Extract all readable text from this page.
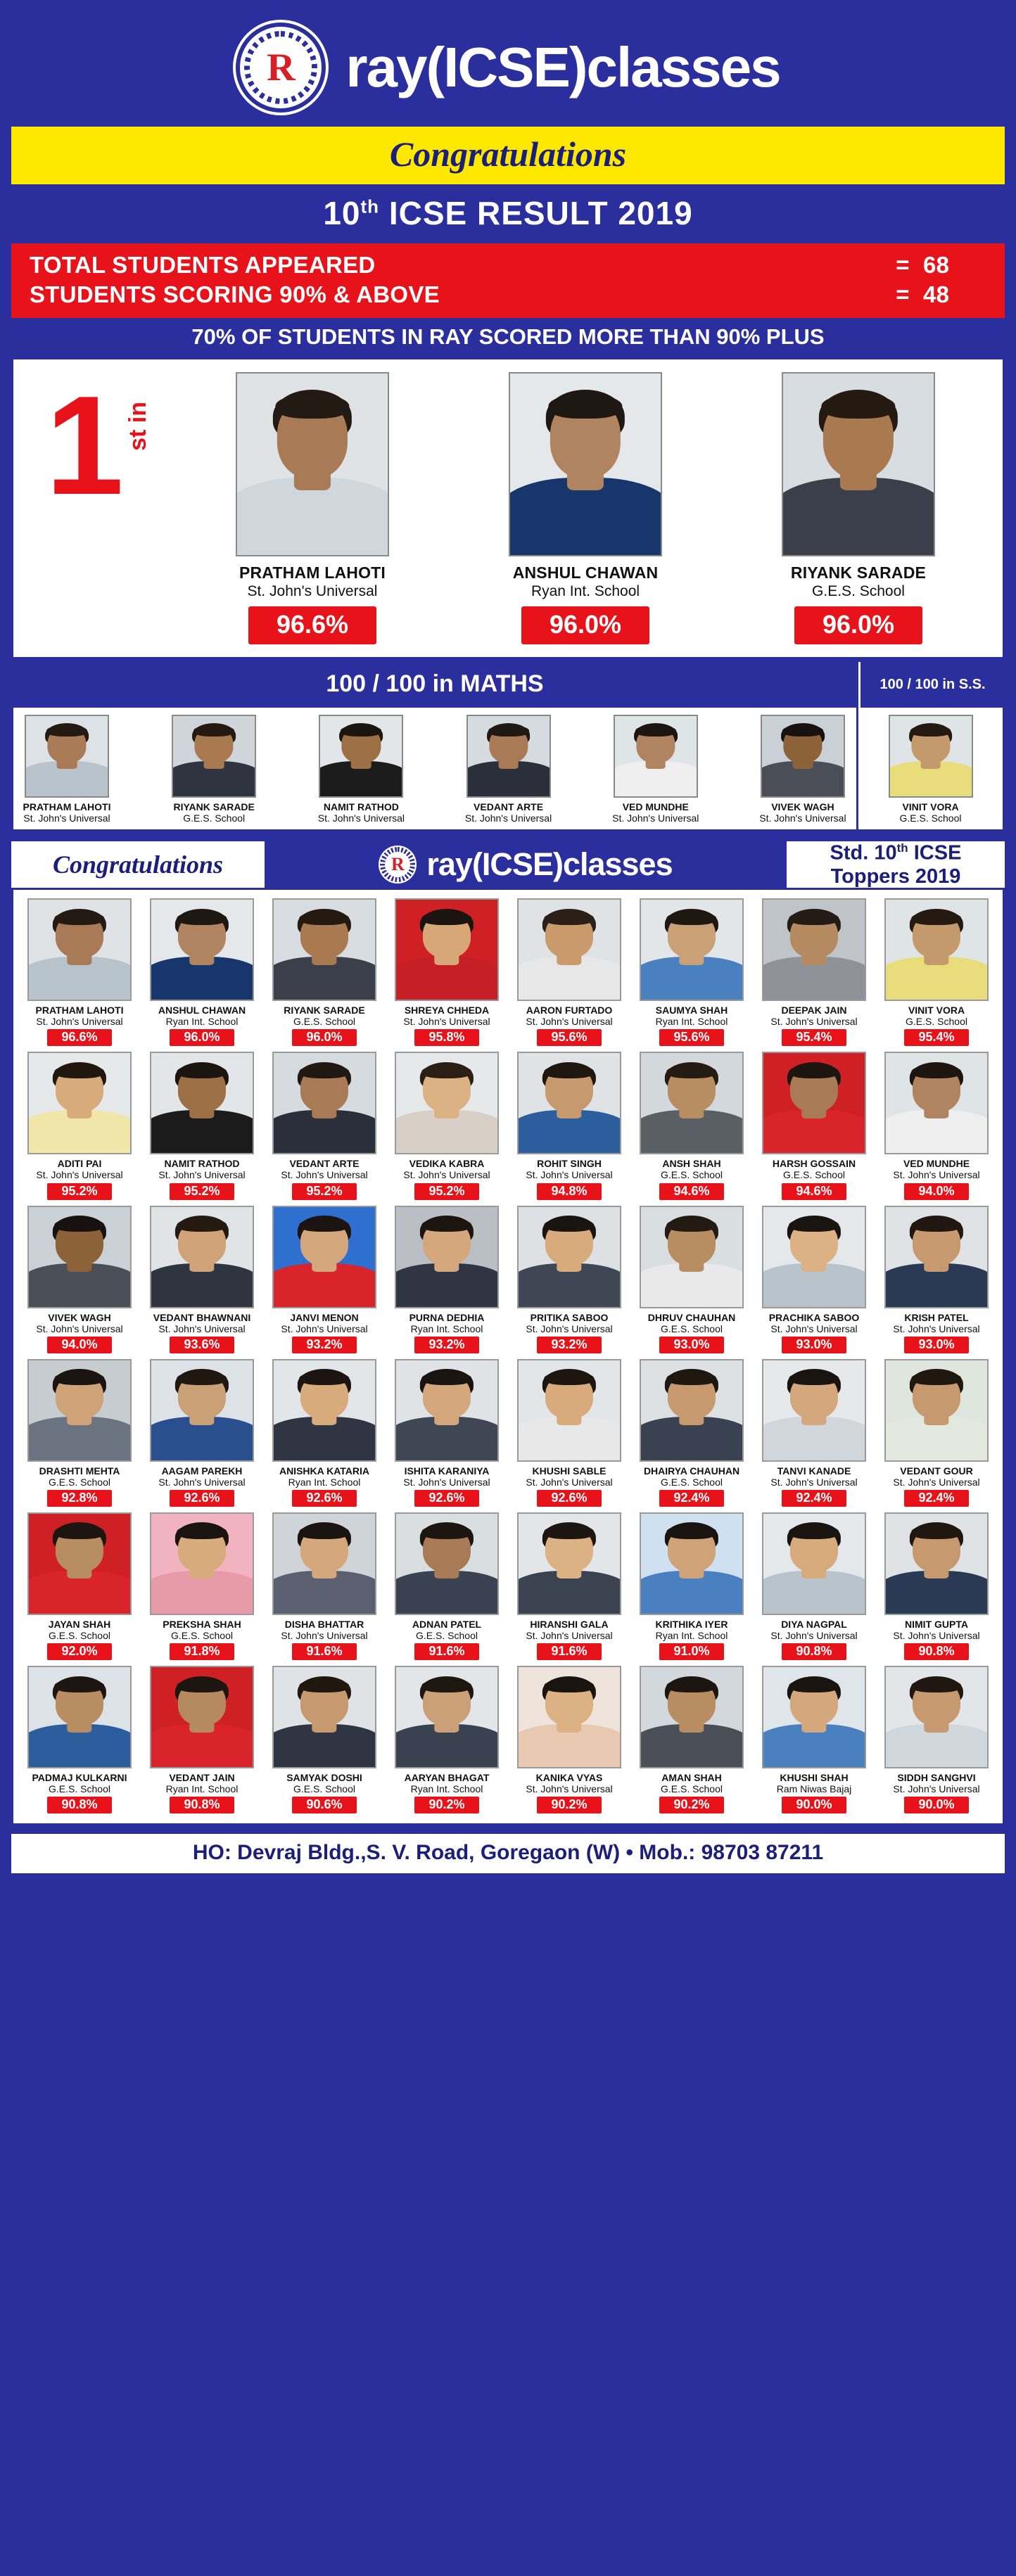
R ray(ICSE)classes
Congratulations
10th ICSE RESULT 2019
TOTAL STUDENTS APPEARED	= 68
STUDENTS SCORING 90% & ABOVE	= 48
70% OF STUDENTS IN RAY SCORED MORE THAN 90% PLUS
1 st in
PRATHAM LAHOTI
St. John's Universal
96.6%
ANSHUL CHAWAN
Ryan Int. School
96.0%
RIYANK SARADE
G.E.S. School
96.0%
100 / 100 in MATHS	100 / 100 in S.S.
PRATHAM LAHOTI
St. John's Universal
RIYANK SARADE
G.E.S. School
NAMIT RATHOD
St. John's Universal
VEDANT ARTE
St. John's Universal
VED MUNDHE
St. John's Universal
VIVEK WAGH
St. John's Universal
VINIT VORA
G.E.S. School
Congratulations	R ray(ICSE)classes	Std. 10th ICSE
Toppers 2019
PRATHAM LAHOTI
St. John's Universal
96.6%
ANSHUL CHAWAN
Ryan Int. School
96.0%
RIYANK SARADE
G.E.S. School
96.0%
SHREYA CHHEDA
St. John's Universal
95.8%
AARON FURTADO
St. John's Universal
95.6%
SAUMYA SHAH
Ryan Int. School
95.6%
DEEPAK JAIN
St. John's Universal
95.4%
VINIT VORA
G.E.S. School
95.4%
ADITI PAI
St. John's Universal
95.2%
NAMIT RATHOD
St. John's Universal
95.2%
VEDANT ARTE
St. John's Universal
95.2%
VEDIKA KABRA
St. John's Universal
95.2%
ROHIT SINGH
St. John's Universal
94.8%
ANSH SHAH
G.E.S. School
94.6%
HARSH GOSSAIN
G.E.S. School
94.6%
VED MUNDHE
St. John's Universal
94.0%
VIVEK WAGH
St. John's Universal
94.0%
VEDANT BHAWNANI
St. John's Universal
93.6%
JANVI MENON
St. John's Universal
93.2%
PURNA DEDHIA
Ryan Int. School
93.2%
PRITIKA SABOO
St. John's Universal
93.2%
DHRUV CHAUHAN
G.E.S. School
93.0%
PRACHIKA SABOO
St. John's Universal
93.0%
KRISH PATEL
St. John's Universal
93.0%
DRASHTI MEHTA
G.E.S. School
92.8%
AAGAM PAREKH
St. John's Universal
92.6%
ANISHKA KATARIA
Ryan Int. School
92.6%
ISHITA KARANIYA
St. John's Universal
92.6%
KHUSHI SABLE
St. John's Universal
92.6%
DHAIRYA CHAUHAN
G.E.S. School
92.4%
TANVI KANADE
St. John's Universal
92.4%
VEDANT GOUR
St. John's Universal
92.4%
JAYAN SHAH
G.E.S. School
92.0%
PREKSHA SHAH
G.E.S. School
91.8%
DISHA BHATTAR
St. John's Universal
91.6%
ADNAN PATEL
G.E.S. School
91.6%
HIRANSHI GALA
St. John's Universal
91.6%
KRITHIKA IYER
Ryan Int. School
91.0%
DIYA NAGPAL
St. John's Universal
90.8%
NIMIT GUPTA
St. John's Universal
90.8%
PADMAJ KULKARNI
G.E.S. School
90.8%
VEDANT JAIN
Ryan Int. School
90.8%
SAMYAK DOSHI
G.E.S. School
90.6%
AARYAN BHAGAT
Ryan Int. School
90.2%
KANIKA VYAS
St. John's Universal
90.2%
AMAN SHAH
G.E.S. School
90.2%
KHUSHI SHAH
Ram Niwas Bajaj
90.0%
SIDDH SANGHVI
St. John's Universal
90.0%
HO: Devraj Bldg.,S. V. Road, Goregaon (W) • Mob.: 98703 87211
